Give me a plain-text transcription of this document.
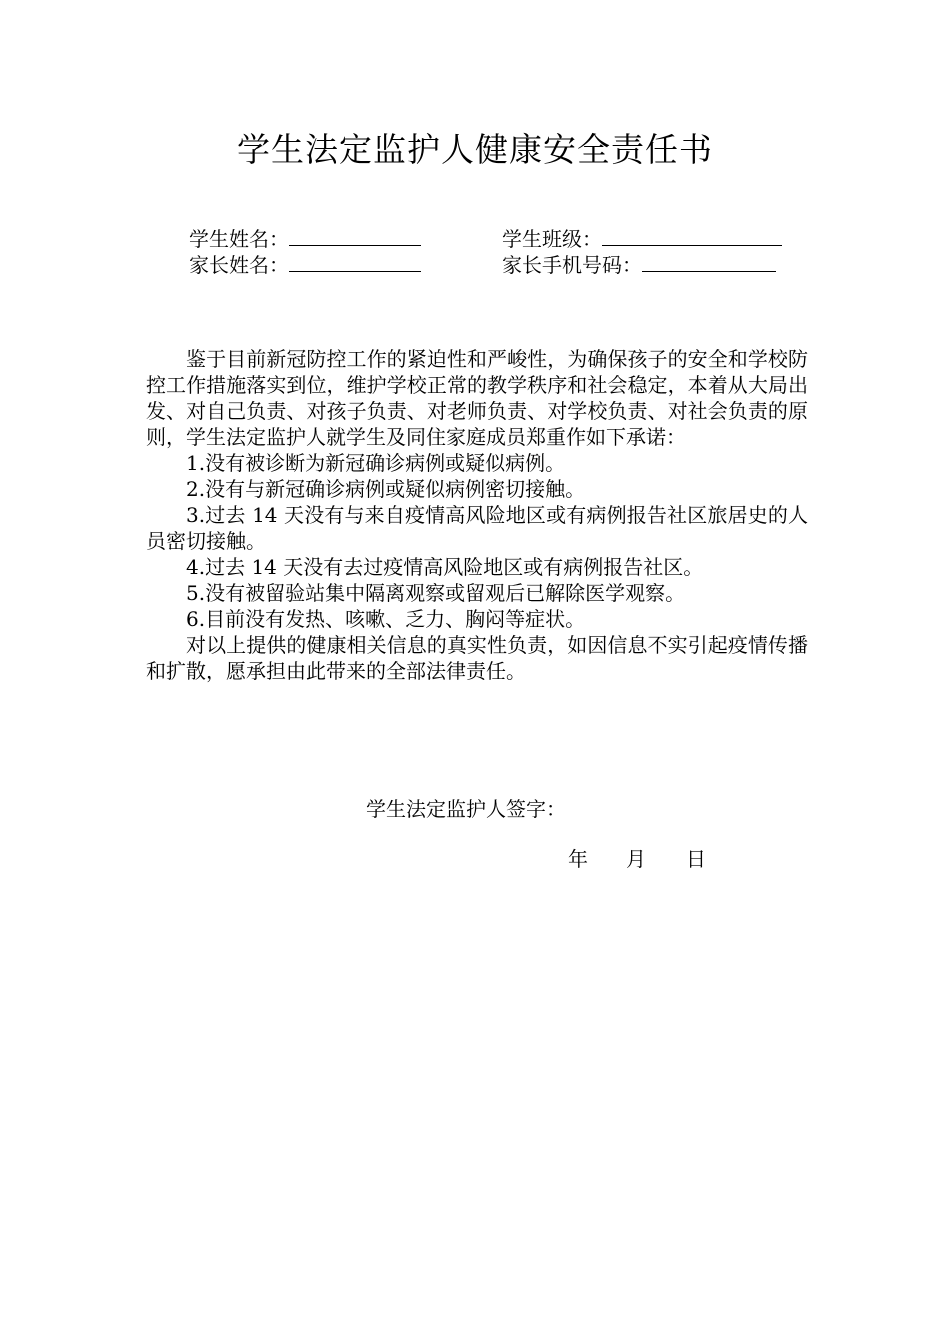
学生法定监护人健康安全责任书
学生姓名：	学生班级：
家长姓名：	家长手机号码：

鉴于目前新冠防控工作的紧迫性和严峻性，为确保孩子的安全和学校防控工作措施落实到位，维护学校正常的教学秩序和社会稳定，本着从大局出发、对自己负责、对孩子负责、对老师负责、对学校负责、对社会负责的原则，学生法定监护人就学生及同住家庭成员郑重作如下承诺：

1.没有被诊断为新冠确诊病例或疑似病例。

2.没有与新冠确诊病例或疑似病例密切接触。

3.过去 14 天没有与来自疫情高风险地区或有病例报告社区旅居史的人员密切接触。

4.过去 14 天没有去过疫情高风险地区或有病例报告社区。

5.没有被留验站集中隔离观察或留观后已解除医学观察。

6.目前没有发热、咳嗽、乏力、胸闷等症状。

对以上提供的健康相关信息的真实性负责，如因信息不实引起疫情传播和扩散，愿承担由此带来的全部法律责任。

学生法定监护人签字：
年 月 日
